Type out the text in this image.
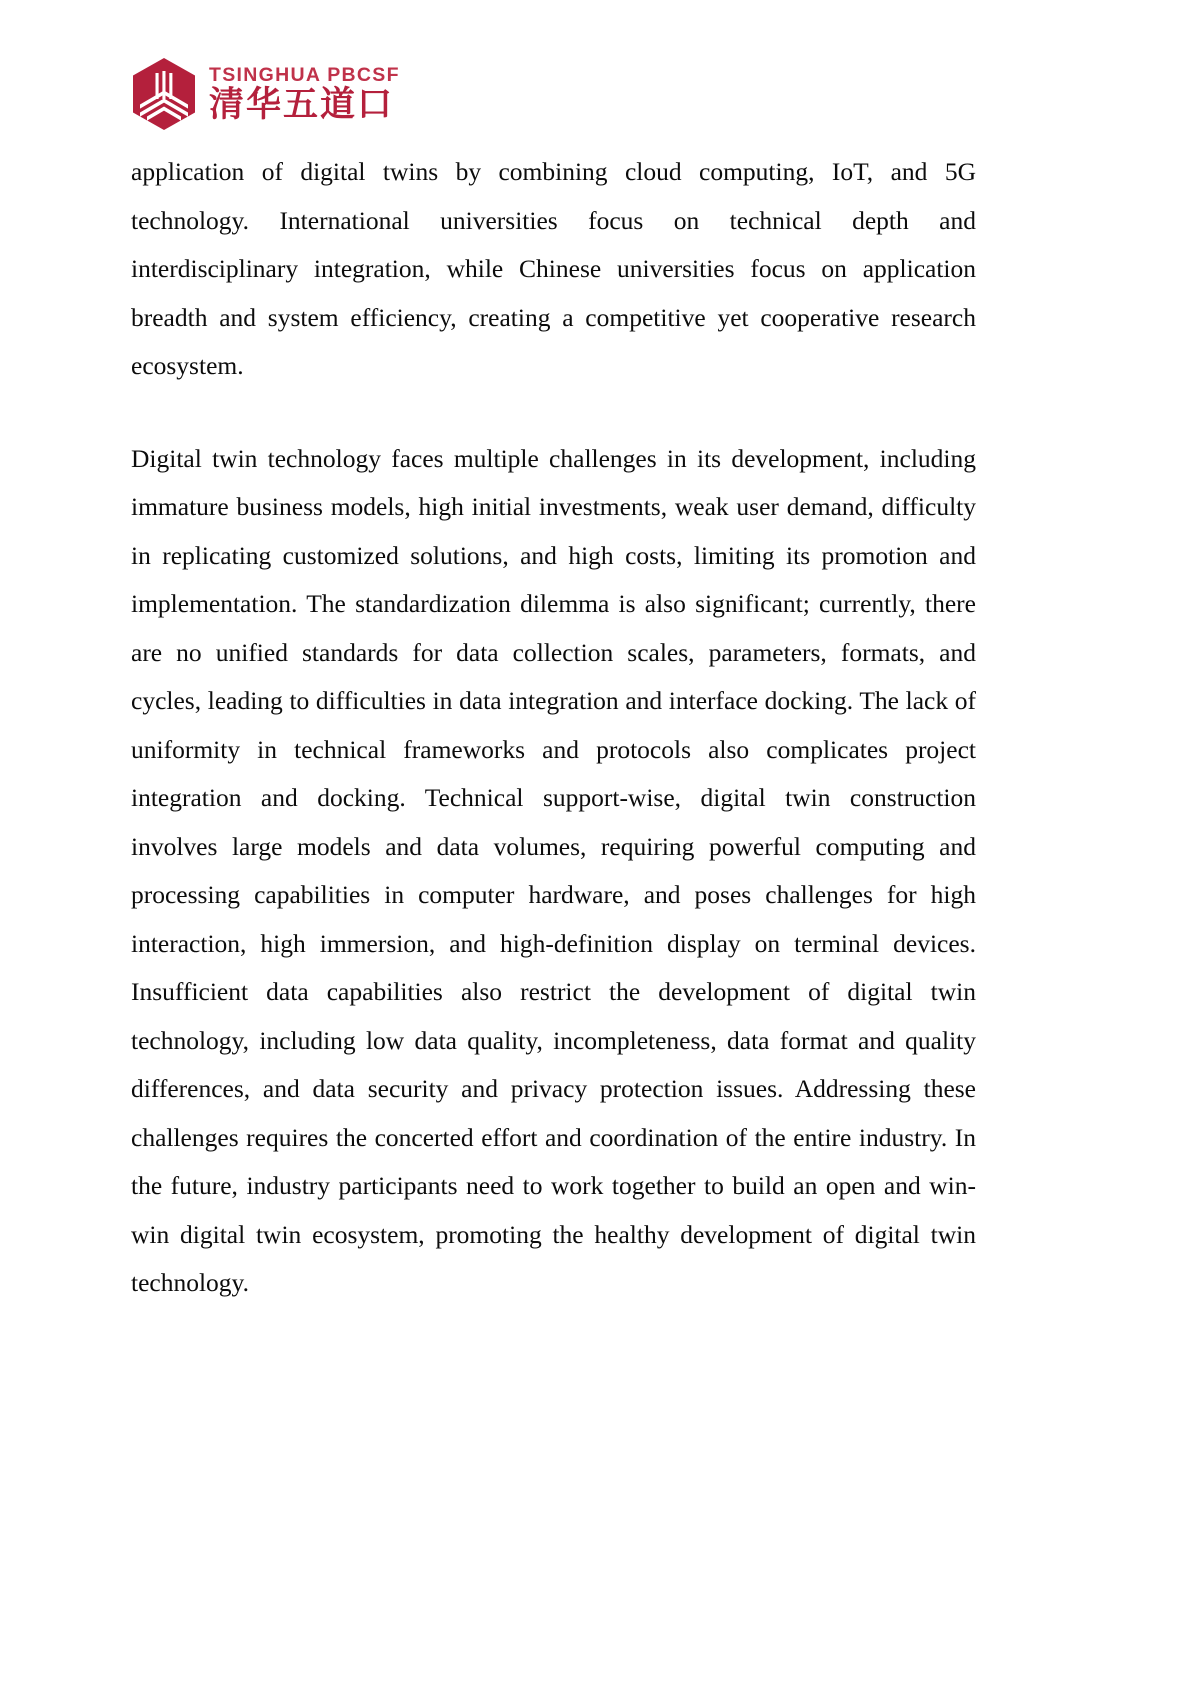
TSINGHUA PBCSF
清华五道口

application of digital twins by combining cloud computing, IoT, and 5G technology. International universities focus on technical depth and interdisciplinary integration, while Chinese universities focus on application breadth and system efficiency, creating a competitive yet cooperative research ecosystem.

Digital twin technology faces multiple challenges in its development, including immature business models, high initial investments, weak user demand, difficulty in replicating customized solutions, and high costs, limiting its promotion and implementation. The standardization dilemma is also significant; currently, there are no unified standards for data collection scales, parameters, formats, and cycles, leading to difficulties in data integration and interface docking. The lack of uniformity in technical frameworks and protocols also complicates project integration and docking. Technical support-wise, digital twin construction involves large models and data volumes, requiring powerful computing and processing capabilities in computer hardware, and poses challenges for high interaction, high immersion, and high-definition display on terminal devices. Insufficient data capabilities also restrict the development of digital twin technology, including low data quality, incompleteness, data format and quality differences, and data security and privacy protection issues. Addressing these challenges requires the concerted effort and coordination of the entire industry. In the future, industry participants need to work together to build an open and win-win digital twin ecosystem, promoting the healthy development of digital twin technology.
